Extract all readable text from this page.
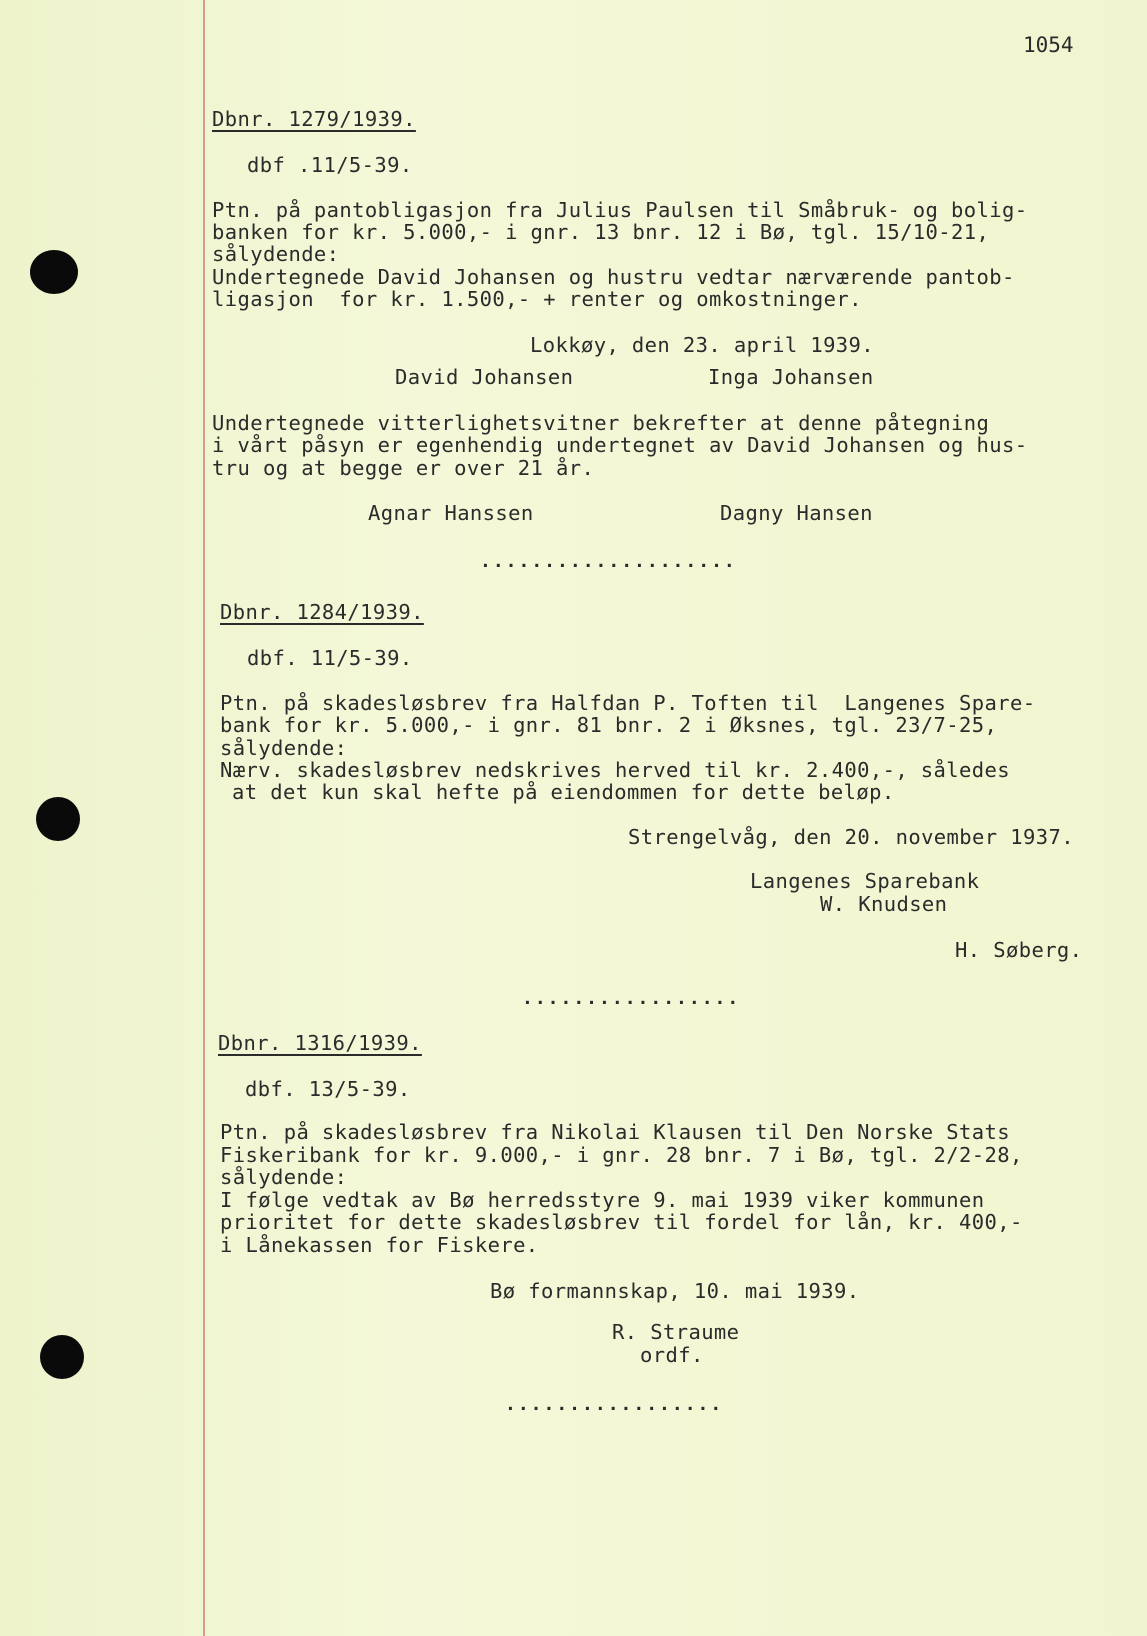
1054
Dbnr. 1279/1939.
dbf .11/5-39.
Ptn. på pantobligasjon fra Julius Paulsen til Småbruk- og bolig-
banken for kr. 5.000,- i gnr. 13 bnr. 12 i Bø, tgl. 15/10-21,
sålydende:
Undertegnede David Johansen og hustru vedtar nærværende pantob-
ligasjon  for kr. 1.500,- + renter og omkostninger.
Lokkøy, den 23. april 1939.
David Johansen	Inga Johansen
Undertegnede vitterlighetsvitner bekrefter at denne påtegning
i vårt påsyn er egenhendig undertegnet av David Johansen og hus-
tru og at begge er over 21 år.
Agnar Hanssen	Dagny Hansen
....................
Dbnr. 1284/1939.
dbf. 11/5-39.
Ptn. på skadesløsbrev fra Halfdan P. Toften til  Langenes Spare-
bank for kr. 5.000,- i gnr. 81 bnr. 2 i Øksnes, tgl. 23/7-25,
sålydende:
Nærv. skadesløsbrev nedskrives herved til kr. 2.400,-, således
at det kun skal hefte på eiendommen for dette beløp.
Strengelvåg, den 20. november 1937.
Langenes Sparebank
W. Knudsen
H. Søberg.
.................
Dbnr. 1316/1939.
dbf. 13/5-39.
Ptn. på skadesløsbrev fra Nikolai Klausen til Den Norske Stats
Fiskeribank for kr. 9.000,- i gnr. 28 bnr. 7 i Bø, tgl. 2/2-28,
sålydende:
I følge vedtak av Bø herredsstyre 9. mai 1939 viker kommunen
prioritet for dette skadesløsbrev til fordel for lån, kr. 400,-
i Lånekassen for Fiskere.
Bø formannskap, 10. mai 1939.
R. Straume
ordf.
.................
